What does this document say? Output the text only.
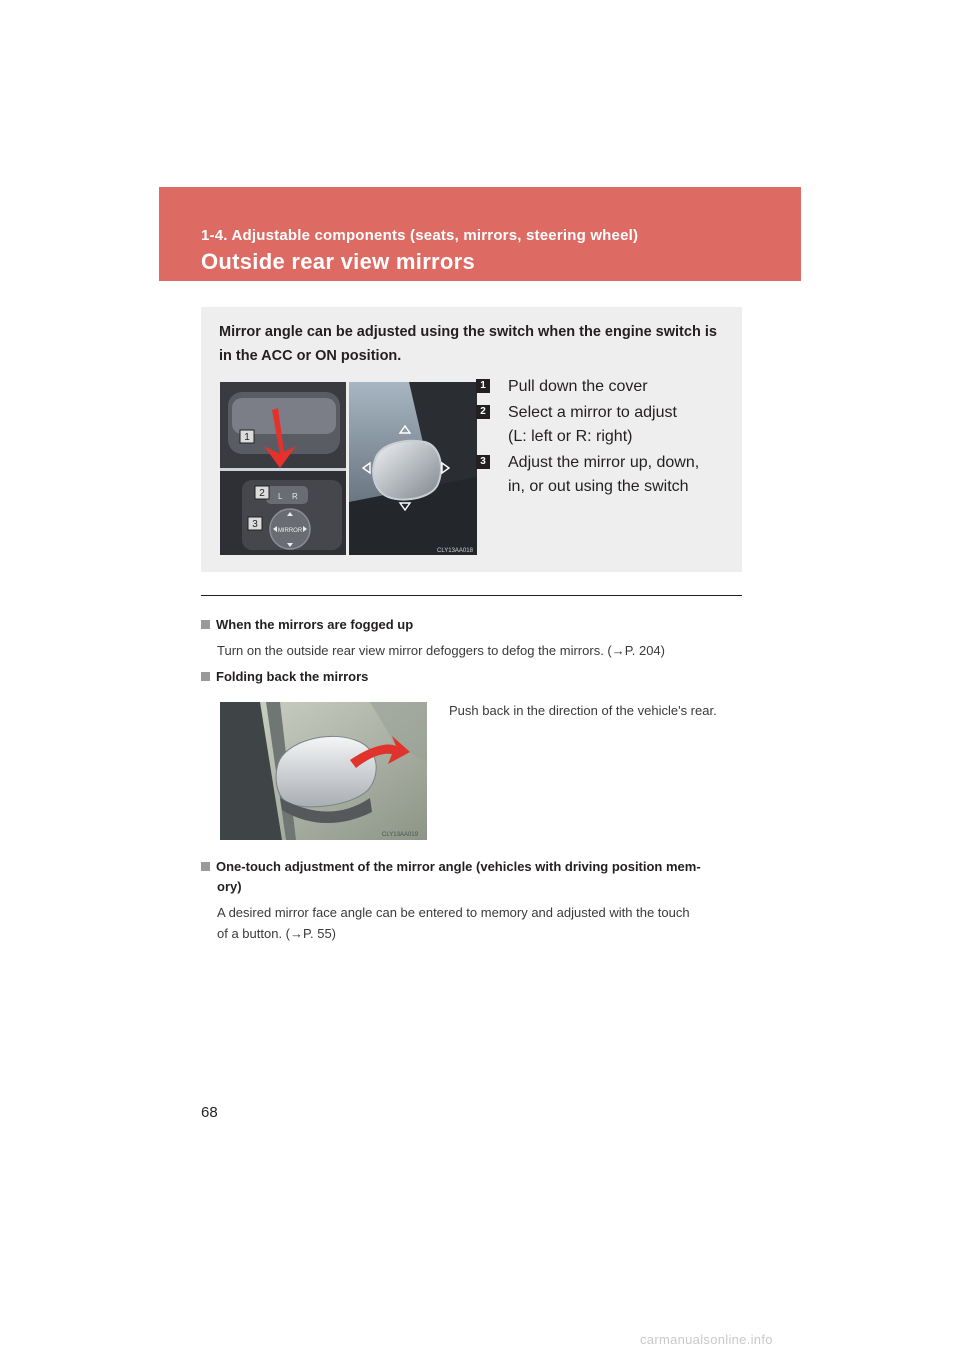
1-4. Adjustable components (seats, mirrors, steering wheel)
Outside rear view mirrors
Mirror angle can be adjusted using the switch when the engine switch is in the ACC or ON position.
1
L R
MIRROR
2
3
CLY13AA018
1 Pull down the cover
2 Select a mirror to adjust
(L: left or R: right)
3 Adjust the mirror up, down,
in, or out using the switch
When the mirrors are fogged up
Turn on the outside rear view mirror defoggers to defog the mirrors. (→P. 204)
Folding back the mirrors
CLY13AA019
Push back in the direction of the vehicle's rear.
One-touch adjustment of the mirror angle (vehicles with driving position mem-
ory)
A desired mirror face angle can be entered to memory and adjusted with the touch
of a button. (→P. 55)
68
carmanualsonline.info
